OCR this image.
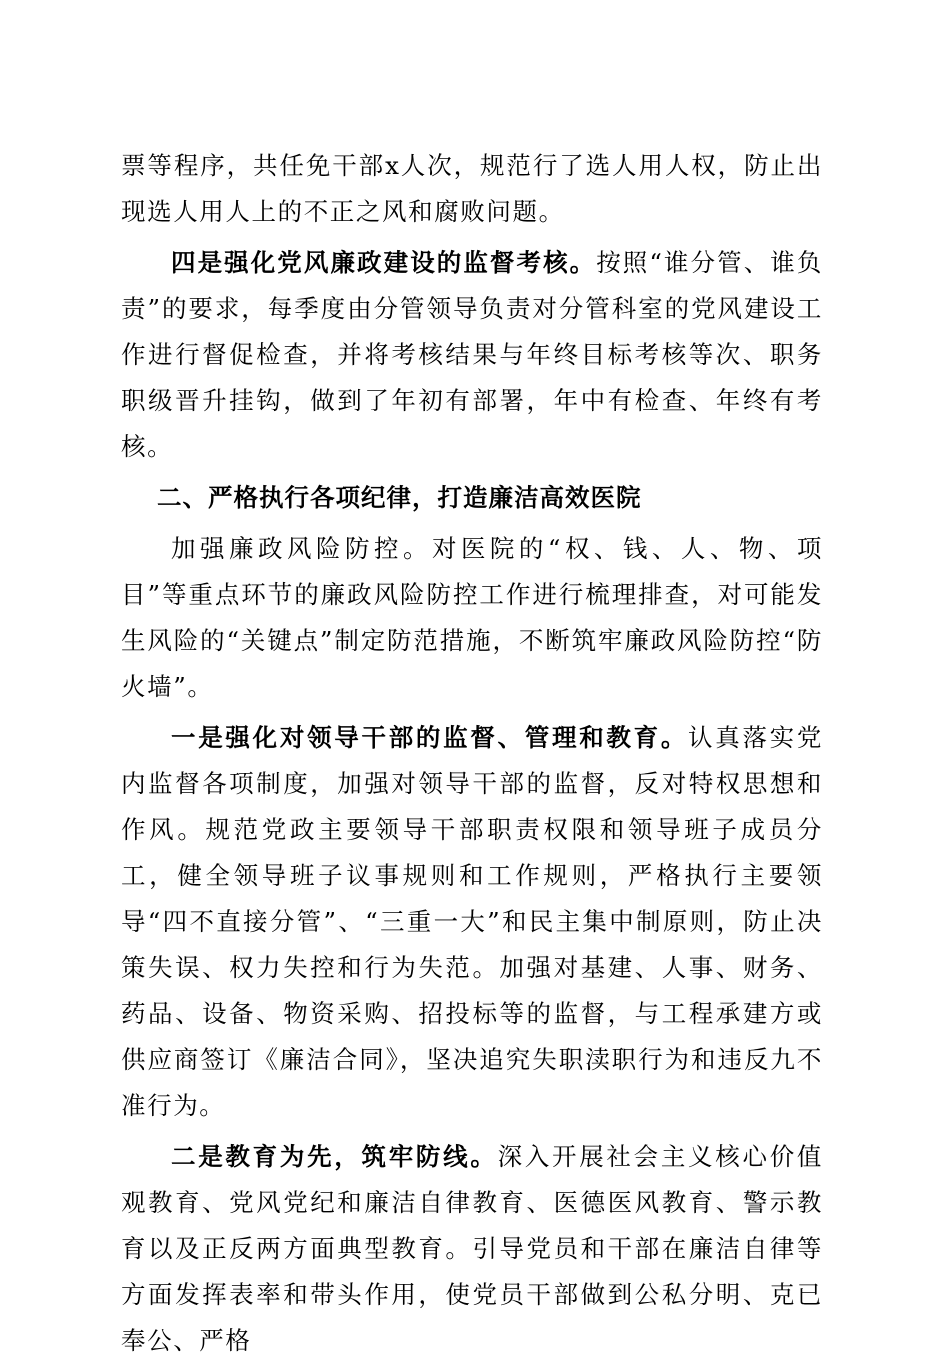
票等程序，共任免干部x人次，规范行了选人用人权，防止出现选人用人上的不正之风和腐败问题。

四是强化党风廉政建设的监督考核。按照“谁分管、谁负责”的要求，每季度由分管领导负责对分管科室的党风建设工作进行督促检查，并将考核结果与年终目标考核等次、职务职级晋升挂钩，做到了年初有部署，年中有检查、年终有考核。

二、严格执行各项纪律，打造廉洁高效医院

加强廉政风险防控。对医院的“权、钱、人、物、项目”等重点环节的廉政风险防控工作进行梳理排查，对可能发生风险的“关键点”制定防范措施，不断筑牢廉政风险防控“防火墙”。

一是强化对领导干部的监督、管理和教育。认真落实党内监督各项制度，加强对领导干部的监督，反对特权思想和作风。规范党政主要领导干部职责权限和领导班子成员分工，健全领导班子议事规则和工作规则，严格执行主要领导“四不直接分管”、“三重一大”和民主集中制原则，防止决策失误、权力失控和行为失范。加强对基建、人事、财务、药品、设备、物资采购、招投标等的监督，与工程承建方或供应商签订《廉洁合同》，坚决追究失职渎职行为和违反九不准行为。

二是教育为先，筑牢防线。深入开展社会主义核心价值观教育、党风党纪和廉洁自律教育、医德医风教育、警示教育以及正反两方面典型教育。引导党员和干部在廉洁自律等方面发挥表率和带头作用，使党员干部做到公私分明、克已奉公、严格
